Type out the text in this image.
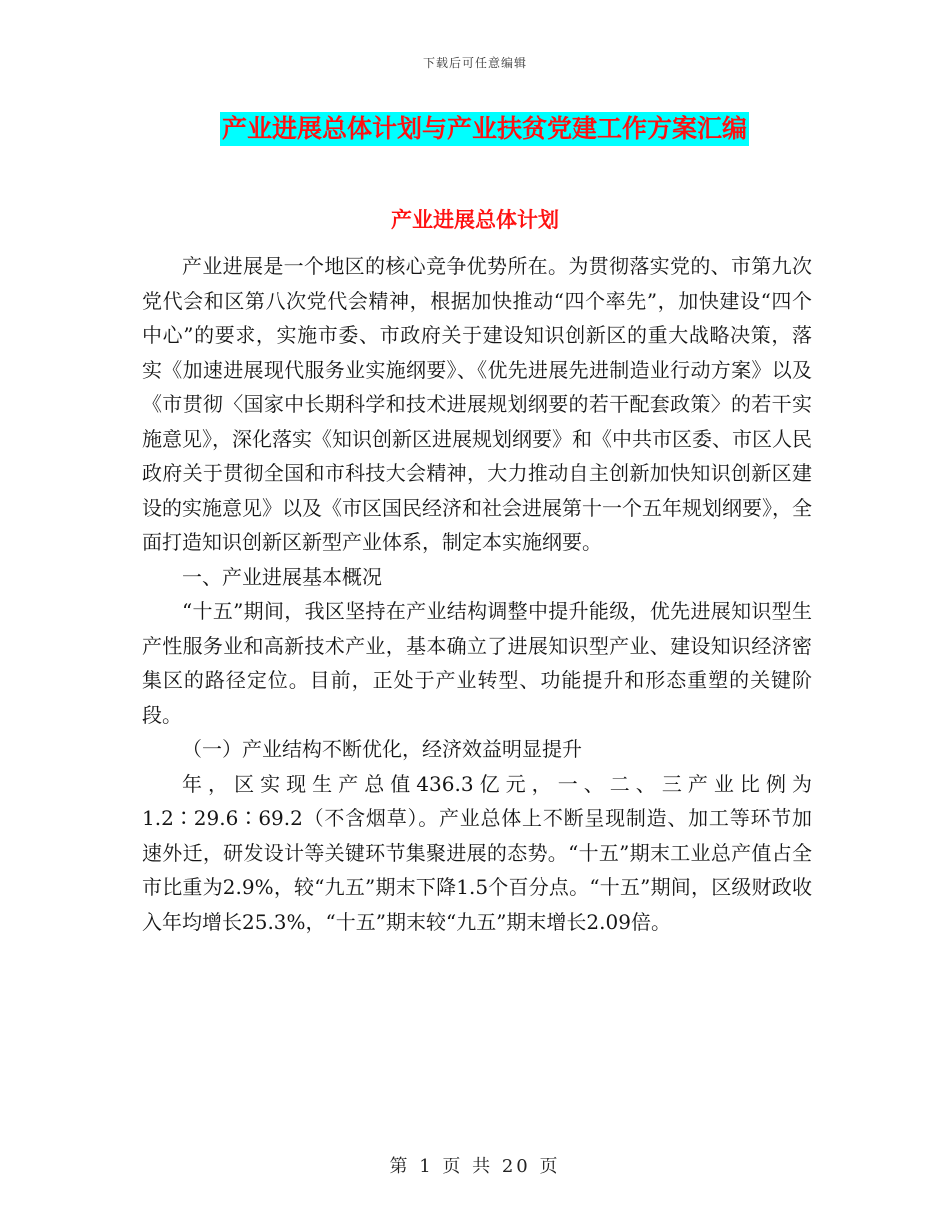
下载后可任意编辑
产业进展总体计划与产业扶贫党建工作方案汇编
产业进展总体计划

产业进展是一个地区的核心竞争优势所在。为贯彻落实党的、市第九次党代会和区第八次党代会精神，根据加快推动“四个率先”，加快建设“四个中心”的要求，实施市委、市政府关于建设知识创新区的重大战略决策，落实《加速进展现代服务业实施纲要》、《优先进展先进制造业行动方案》以及《市贯彻〈国家中长期科学和技术进展规划纲要的若干配套政策〉的若干实施意见》，深化落实《知识创新区进展规划纲要》和《中共市区委、市区人民政府关于贯彻全国和市科技大会精神，大力推动自主创新加快知识创新区建设的实施意见》以及《市区国民经济和社会进展第十一个五年规划纲要》，全面打造知识创新区新型产业体系，制定本实施纲要。

一、产业进展基本概况

“十五”期间，我区坚持在产业结构调整中提升能级，优先进展知识型生产性服务业和高新技术产业，基本确立了进展知识型产业、建设知识经济密集区的路径定位。目前，正处于产业转型、功能提升和形态重塑的关键阶段。

（一）产业结构不断优化，经济效益明显提升

年，区实现生产总值436.3亿元，一、二、三产业比例为1.2∶29.6∶69.2（不含烟草）。产业总体上不断呈现制造、加工等环节加速外迁，研发设计等关键环节集聚进展的态势。“十五”期末工业总产值占全市比重为2.9%，较“九五”期末下降1.5个百分点。“十五”期间，区级财政收入年均增长25.3%，“十五”期末较“九五”期末增长2.09倍。

第 1 页 共 20 页
